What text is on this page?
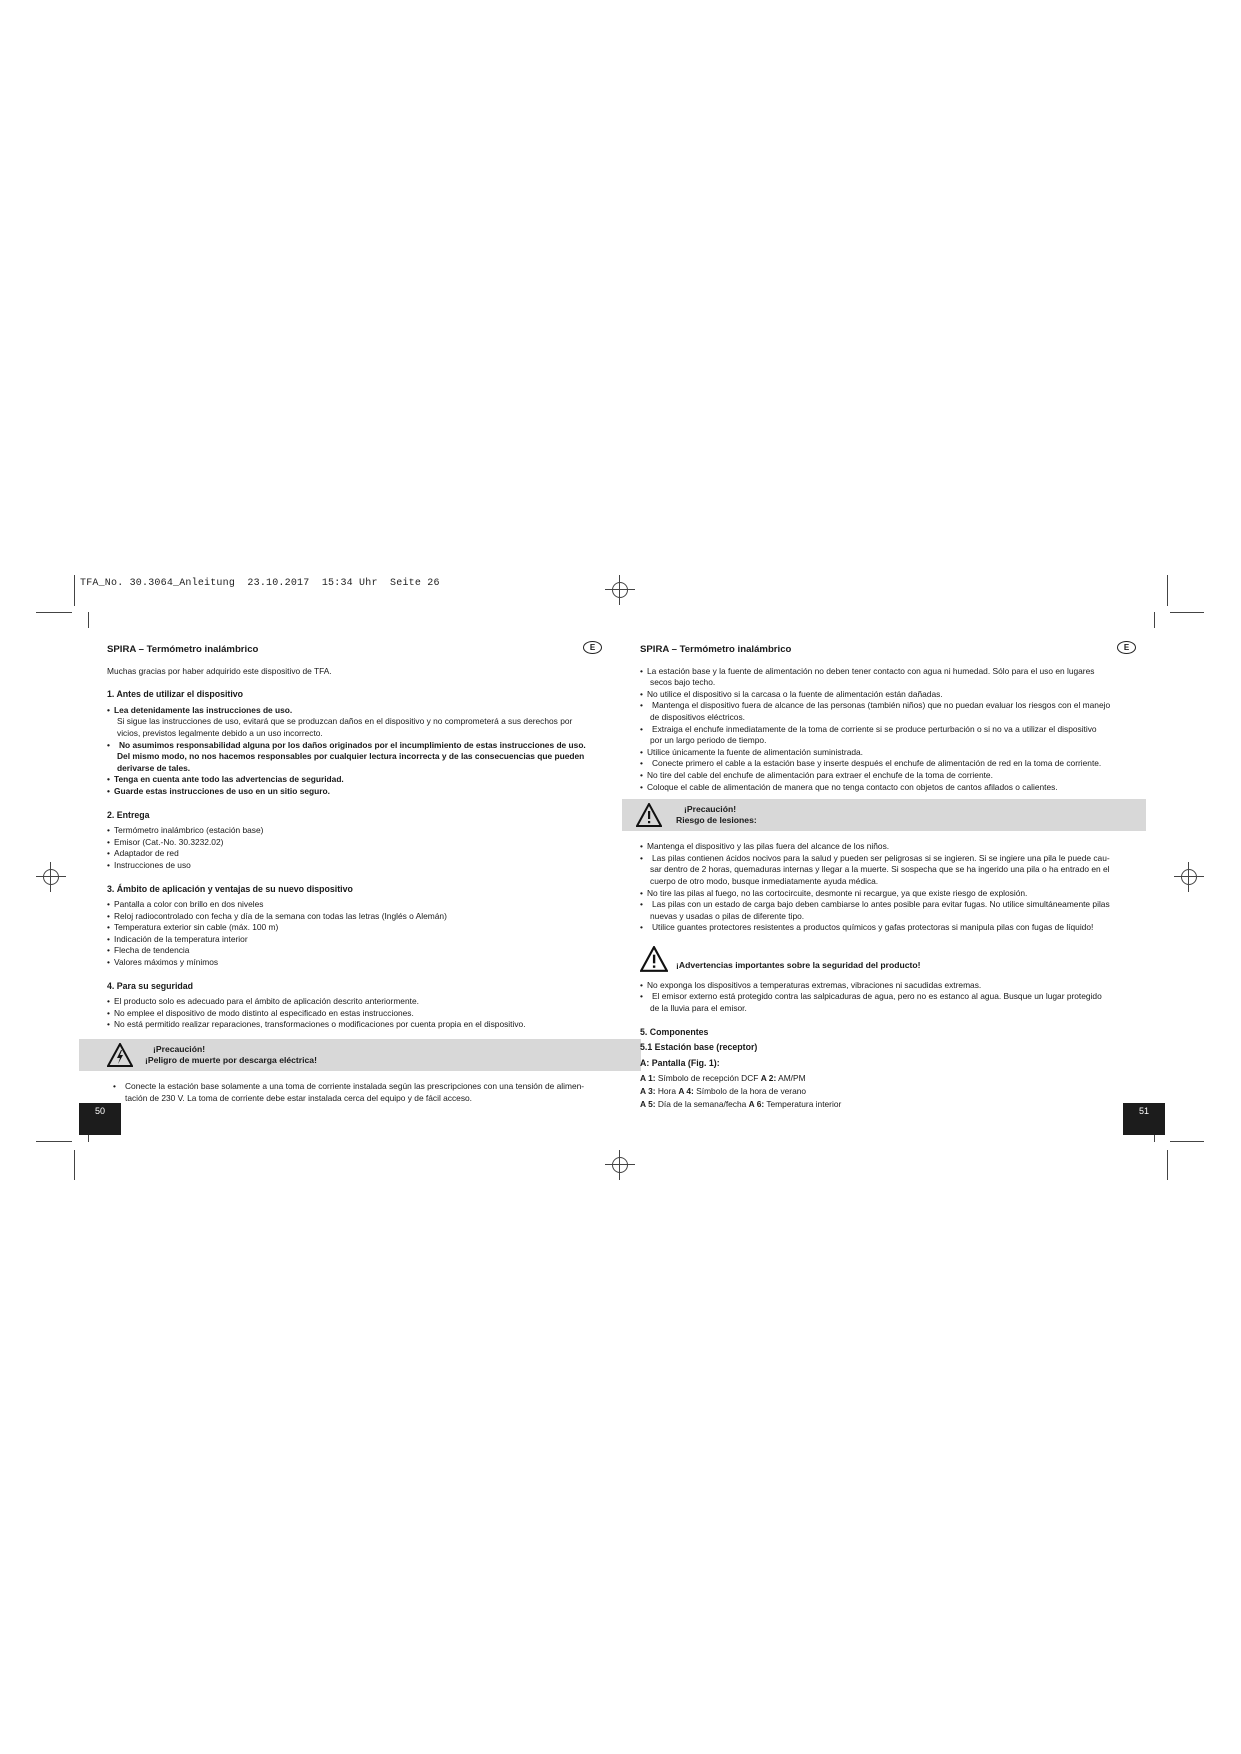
TFA_No. 30.3064_Anleitung  23.10.2017  15:34 Uhr  Seite 26
E
SPIRA – Termómetro inalámbrico
Muchas gracias por haber adquirido este dispositivo de TFA.
1. Antes de utilizar el dispositivo
• Lea detenidamente las instrucciones de uso.
Si sigue las instrucciones de uso, evitará que se produzcan daños en el dispositivo y no comprometerá a sus derechos por
vicios, previstos legalmente debido a un uso incorrecto.
• No asumimos responsabilidad alguna por los daños originados por el incumplimiento de estas instrucciones de uso.
Del mismo modo, no nos hacemos responsables por cualquier lectura incorrecta y de las consecuencias que pueden
derivarse de tales.
• Tenga en cuenta ante todo las advertencias de seguridad.
• Guarde estas instrucciones de uso en un sitio seguro.
2. Entrega
• Termómetro inalámbrico (estación base)
• Emisor (Cat.-No. 30.3232.02)
• Adaptador de red
• Instrucciones de uso
3. Ámbito de aplicación y ventajas de su nuevo dispositivo
• Pantalla a color con brillo en dos niveles
• Reloj radiocontrolado con fecha y día de la semana con todas las letras (Inglés o Alemán)
• Temperatura exterior sin cable (máx. 100 m)
• Indicación de la temperatura interior
• Flecha de tendencia
• Valores máximos y mínimos
4. Para su seguridad
• El producto solo es adecuado para el ámbito de aplicación descrito anteriormente.
• No emplee el dispositivo de modo distinto al especificado en estas instrucciones.
• No está permitido realizar reparaciones, transformaciones o modificaciones por cuenta propia en el dispositivo.
¡Precaución!
¡Peligro de muerte por descarga eléctrica!
• Conecte la estación base solamente a una toma de corriente instalada según las prescripciones con una tensión de alimen-
tación de 230 V. La toma de corriente debe estar instalada cerca del equipo y de fácil acceso.
50
E
SPIRA – Termómetro inalámbrico
• La estación base y la fuente de alimentación no deben tener contacto con agua ni humedad. Sólo para el uso en lugares
secos bajo techo.
• No utilice el dispositivo si la carcasa o la fuente de alimentación están dañadas.
• Mantenga el dispositivo fuera de alcance de las personas (también niños) que no puedan evaluar los riesgos con el manejo
de dispositivos eléctricos.
• Extraiga el enchufe inmediatamente de la toma de corriente si se produce perturbación o si no va a utilizar el dispositivo
por un largo periodo de tiempo.
• Utilice únicamente la fuente de alimentación suministrada.
• Conecte primero el cable a la estación base y inserte después el enchufe de alimentación de red en la toma de corriente.
• No tire del cable del enchufe de alimentación para extraer el enchufe de la toma de corriente.
• Coloque el cable de alimentación de manera que no tenga contacto con objetos de cantos afilados o calientes.
¡Precaución!
Riesgo de lesiones:
• Mantenga el dispositivo y las pilas fuera del alcance de los niños.
• Las pilas contienen ácidos nocivos para la salud y pueden ser peligrosas si se ingieren. Si se ingiere una pila le puede cau-
sar dentro de 2 horas, quemaduras internas y llegar a la muerte. Si sospecha que se ha ingerido una pila o ha entrado en el
cuerpo de otro modo, busque inmediatamente ayuda médica.
• No tire las pilas al fuego, no las cortocircuite, desmonte ni recargue, ya que existe riesgo de explosión.
• Las pilas con un estado de carga bajo deben cambiarse lo antes posible para evitar fugas. No utilice simultáneamente pilas
nuevas y usadas o pilas de diferente tipo.
• Utilice guantes protectores resistentes a productos químicos y gafas protectoras si manipula pilas con fugas de líquido!
¡Advertencias importantes sobre la seguridad del producto!
• No exponga los dispositivos a temperaturas extremas, vibraciones ni sacudidas extremas.
• El emisor externo está protegido contra las salpicaduras de agua, pero no es estanco al agua. Busque un lugar protegido
de la lluvia para el emisor.
5. Componentes
5.1 Estación base (receptor)
A: Pantalla (Fig. 1):
A 1: Símbolo de recepción DCF A 2: AM/PM
A 3: Hora A 4: Símbolo de la hora de verano
A 5: Día de la semana/fecha A 6: Temperatura interior
51
